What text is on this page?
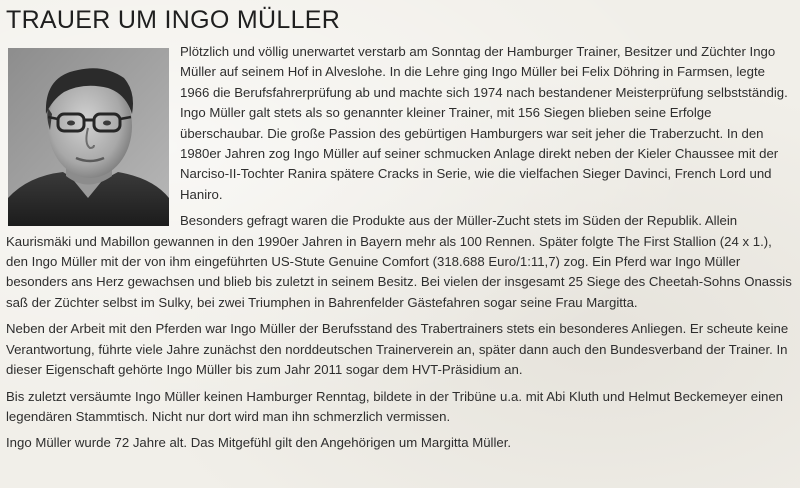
TRAUER UM INGO MÜLLER

Plötzlich und völlig unerwartet verstarb am Sonntag der Hamburger Trainer, Besitzer und Züchter Ingo Müller auf seinem Hof in Alveslohe. In die Lehre ging Ingo Müller bei Felix Döhring in Farmsen, legte 1966 die Berufsfahrerprüfung ab und machte sich 1974 nach bestandener Meisterprüfung selbstständig. Ingo Müller galt stets als so genannter kleiner Trainer, mit 156 Siegen blieben seine Erfolge überschaubar. Die große Passion des gebürtigen Hamburgers war seit jeher die Traberzucht. In den 1980er Jahren zog Ingo Müller auf seiner schmucken Anlage direkt neben der Kieler Chaussee mit der Narciso-II-Tochter Ranira spätere Cracks in Serie, wie die vielfachen Sieger Davinci, French Lord und Haniro.

Besonders gefragt waren die Produkte aus der Müller-Zucht stets im Süden der Republik. Allein Kaurismäki und Mabillon gewannen in den 1990er Jahren in Bayern mehr als 100 Rennen. Später folgte The First Stallion (24 x 1.), den Ingo Müller mit der von ihm eingeführten US-Stute Genuine Comfort (318.688 Euro/1:11,7) zog. Ein Pferd war Ingo Müller besonders ans Herz gewachsen und blieb bis zuletzt in seinem Besitz. Bei vielen der insgesamt 25 Siege des Cheetah-Sohns Onassis saß der Züchter selbst im Sulky, bei zwei Triumphen in Bahrenfelder Gästefahren sogar seine Frau Margitta.

Neben der Arbeit mit den Pferden war Ingo Müller der Berufsstand des Trabertrainers stets ein besonderes Anliegen. Er scheute keine Verantwortung, führte viele Jahre zunächst den norddeutschen Trainerverein an, später dann auch den Bundesverband der Trainer. In dieser Eigenschaft gehörte Ingo Müller bis zum Jahr 2011 sogar dem HVT-Präsidium an.

Bis zuletzt versäumte Ingo Müller keinen Hamburger Renntag, bildete in der Tribüne u.a. mit Abi Kluth und Helmut Beckemeyer einen legendären Stammtisch. Nicht nur dort wird man ihn schmerzlich vermissen.

Ingo Müller wurde 72 Jahre alt. Das Mitgefühl gilt den Angehörigen um Margitta Müller.
